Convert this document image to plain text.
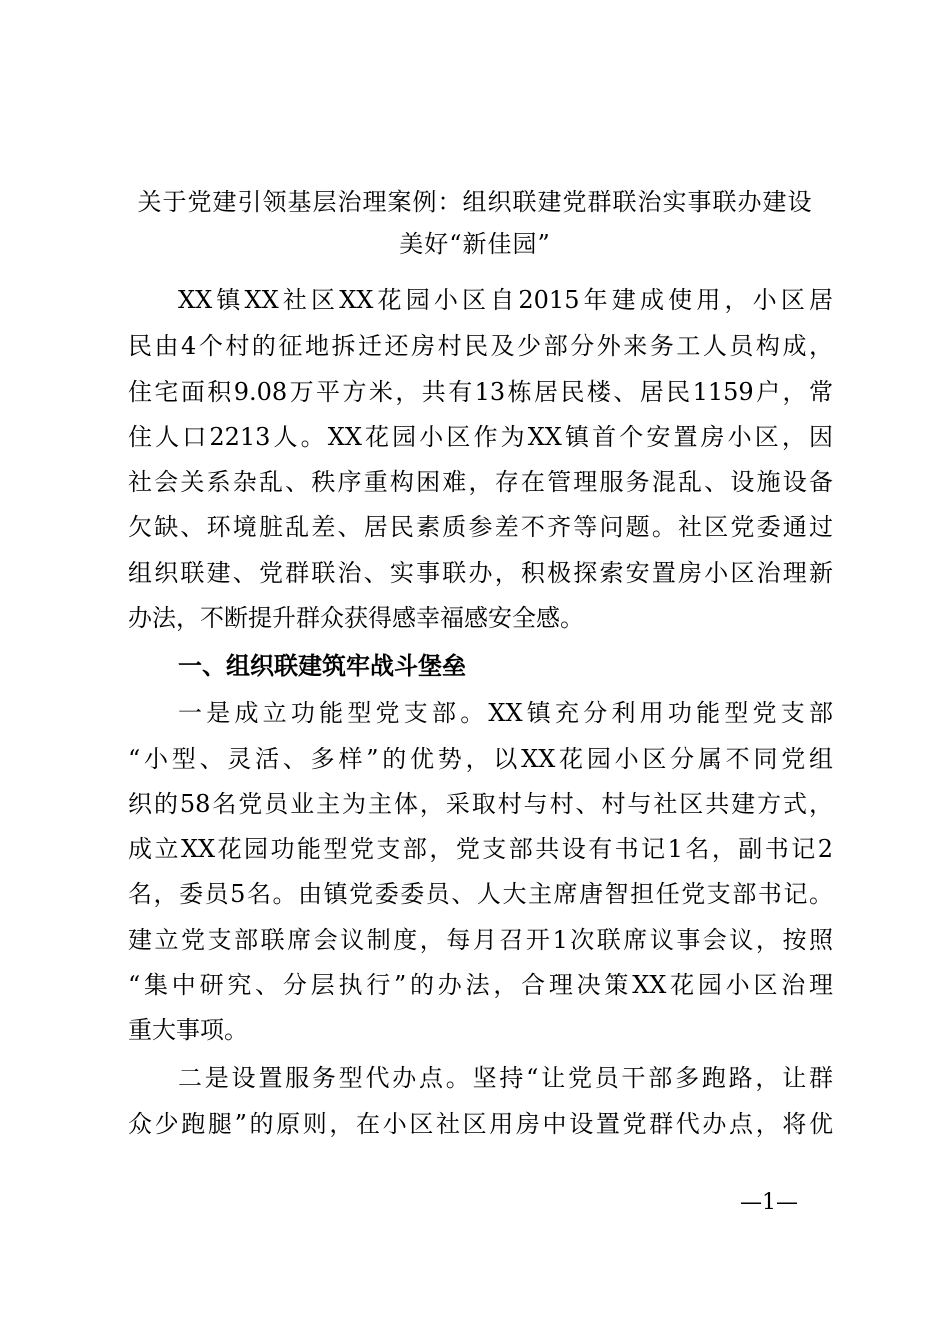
关于党建引领基层治理案例：组织联建党群联治实事联办建设
美好“新佳园”
XX镇XX社区XX花园小区自2015年建成使用，小区居
民由4个村的征地拆迁还房村民及少部分外来务工人员构成，
住宅面积9.08万平方米，共有13栋居民楼、居民1159户，常
住人口2213人。XX花园小区作为XX镇首个安置房小区，因
社会关系杂乱、秩序重构困难，存在管理服务混乱、设施设备
欠缺、环境脏乱差、居民素质参差不齐等问题。社区党委通过
组织联建、党群联治、实事联办，积极探索安置房小区治理新
办法，不断提升群众获得感幸福感安全感。
一、组织联建筑牢战斗堡垒
一是成立功能型党支部。XX镇充分利用功能型党支部
“小型、灵活、多样”的优势，以XX花园小区分属不同党组
织的58名党员业主为主体，采取村与村、村与社区共建方式，
成立XX花园功能型党支部，党支部共设有书记1名，副书记2
名，委员5名。由镇党委委员、人大主席唐智担任党支部书记。
建立党支部联席会议制度，每月召开1次联席议事会议，按照
“集中研究、分层执行”的办法，合理决策XX花园小区治理
重大事项。
二是设置服务型代办点。坚持“让党员干部多跑路，让群
众少跑腿”的原则，在小区社区用房中设置党群代办点，将优
—1—
